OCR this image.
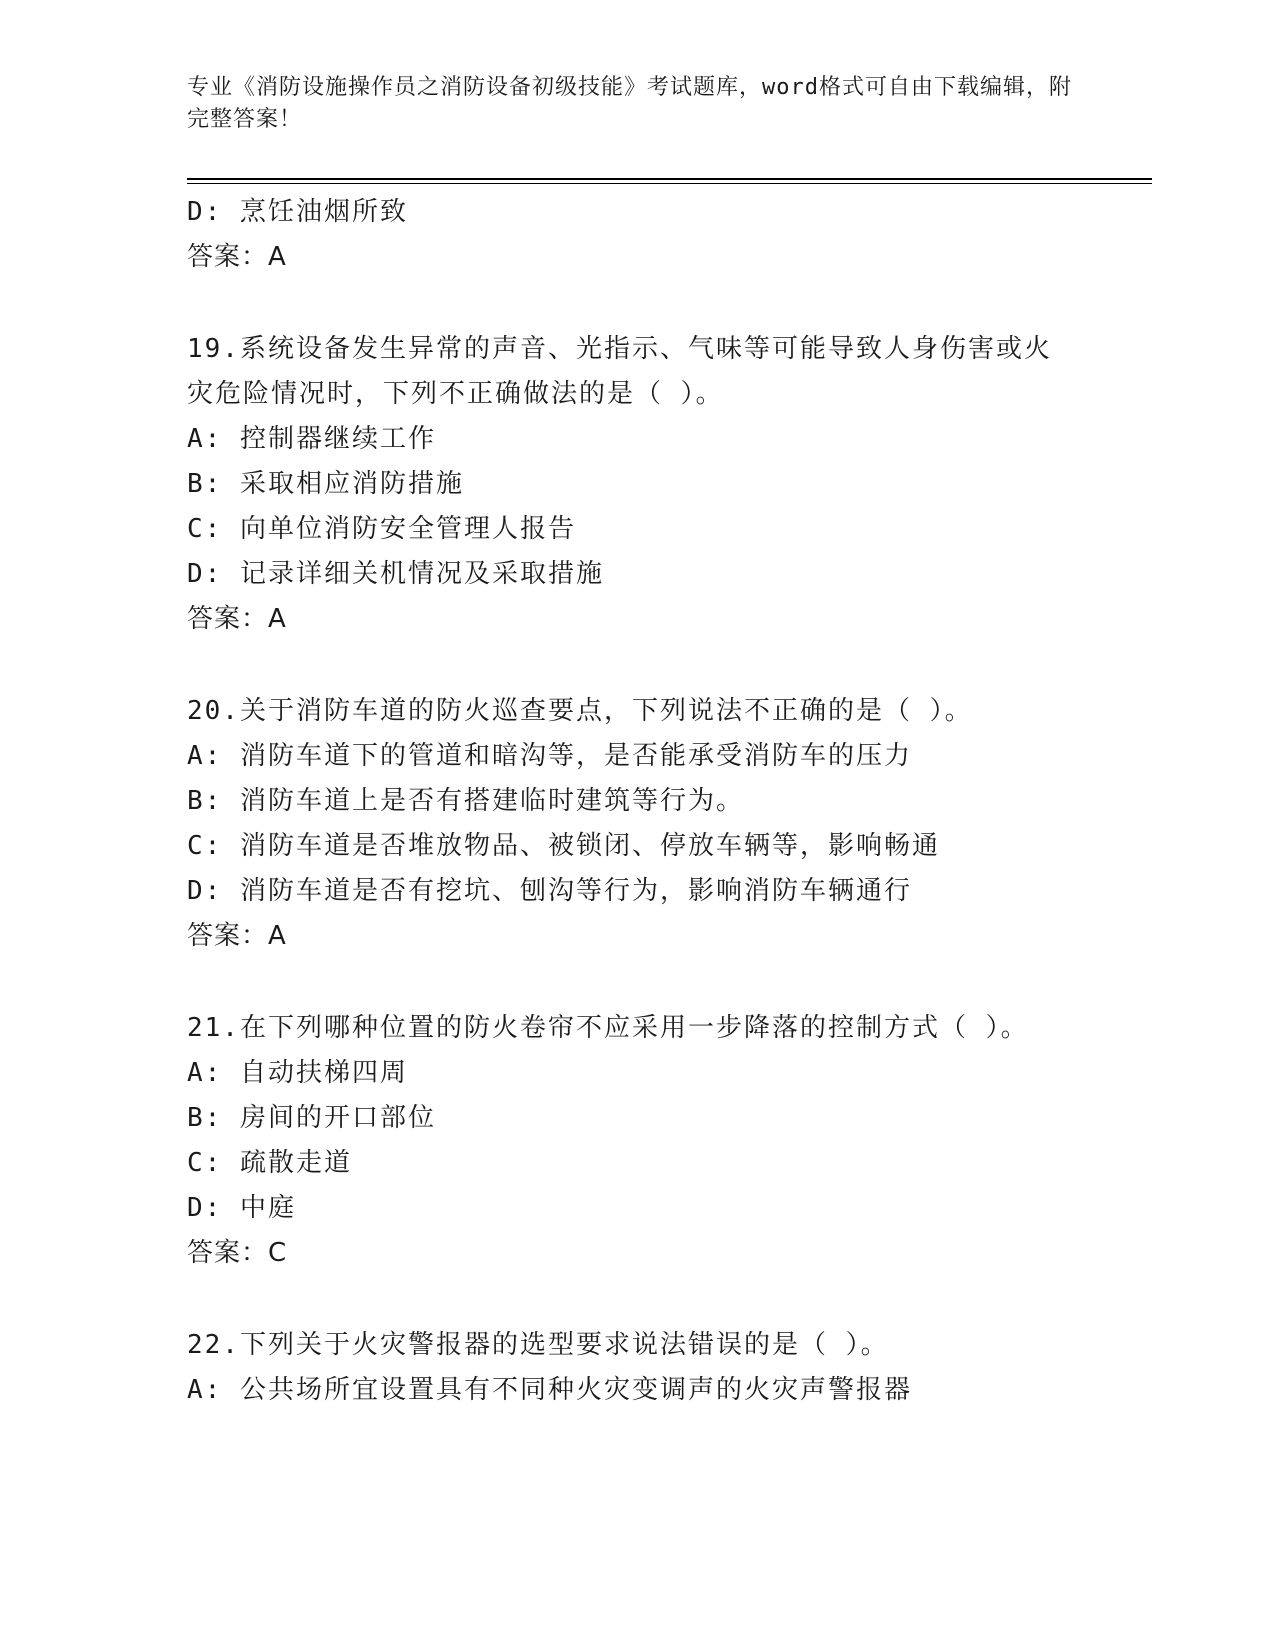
专业《消防设施操作员之消防设备初级技能》考试题库，word格式可自由下载编辑，附完整答案！
D: 烹饪油烟所致
答案：A
19.系统设备发生异常的声音、光指示、气味等可能导致人身伤害或火
灾危险情况时，下列不正确做法的是（ ）。
A: 控制器继续工作
B: 采取相应消防措施
C: 向单位消防安全管理人报告
D: 记录详细关机情况及采取措施
答案：A
20.关于消防车道的防火巡查要点，下列说法不正确的是（ ）。
A: 消防车道下的管道和暗沟等，是否能承受消防车的压力
B: 消防车道上是否有搭建临时建筑等行为。
C: 消防车道是否堆放物品、被锁闭、停放车辆等，影响畅通
D: 消防车道是否有挖坑、刨沟等行为，影响消防车辆通行
答案：A
21.在下列哪种位置的防火卷帘不应采用一步降落的控制方式（ ）。
A: 自动扶梯四周
B: 房间的开口部位
C: 疏散走道
D: 中庭
答案：C
22.下列关于火灾警报器的选型要求说法错误的是（ ）。
A: 公共场所宜设置具有不同种火灾变调声的火灾声警报器
